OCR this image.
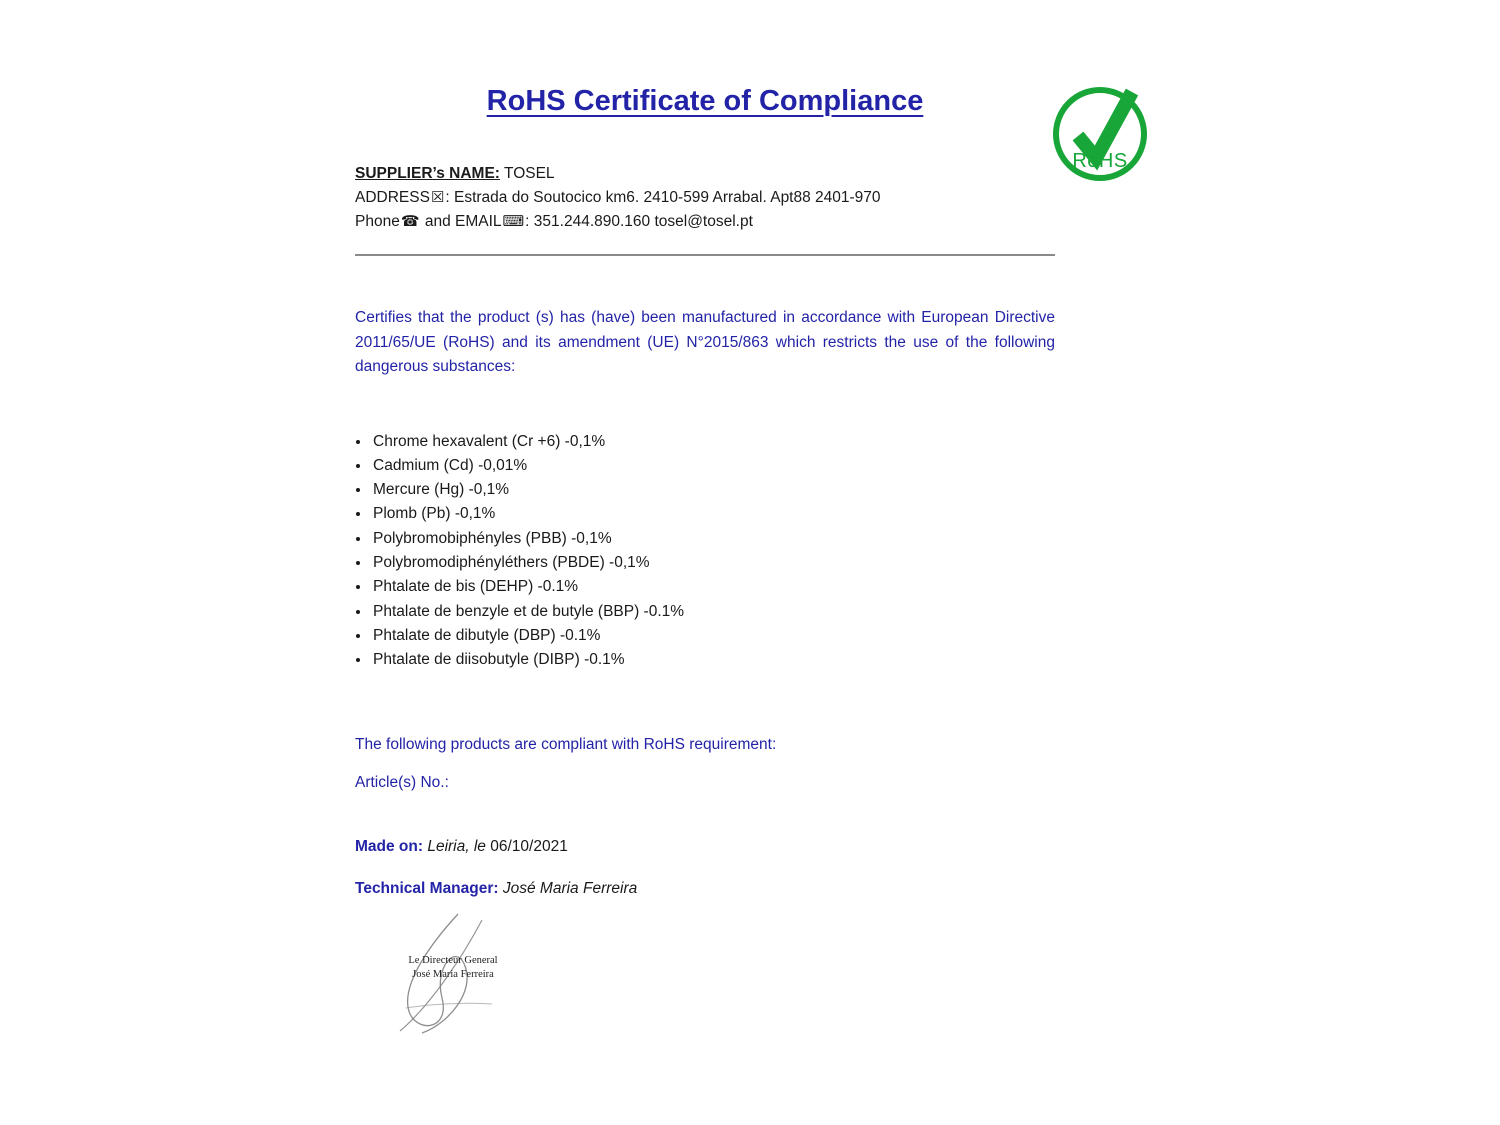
RoHS
RoHS Certificate of Compliance

SUPPLIER’s NAME: TOSEL

ADDRESS☒: Estrada do Soutocico km6. 2410-599 Arrabal. Apt88 2401-970

Phone☎ and EMAIL⌨: 351.244.890.160 tosel@tosel.pt

Certifies that the product (s) has (have) been manufactured in accordance with European Directive 2011/65/UE (RoHS) and its amendment (UE) N°2015/863 which restricts the use of the following dangerous substances:

• Chrome hexavalent (Cr +6) -0,1%
• Cadmium (Cd) -0,01%
• Mercure (Hg) -0,1%
• Plomb (Pb) -0,1%
• Polybromobiphényles (PBB) -0,1%
• Polybromodiphényléthers (PBDE) -0,1%
• Phtalate de bis (DEHP) -0.1%
• Phtalate de benzyle et de butyle (BBP) -0.1%
• Phtalate de dibutyle (DBP) -0.1%
• Phtalate de diisobutyle (DIBP) -0.1%

The following products are compliant with RoHS requirement:

Article(s) No.:

Made on: Leiria, le 06/10/2021

Technical Manager: José Maria Ferreira

Le Directeur General
José Maria Ferreira
